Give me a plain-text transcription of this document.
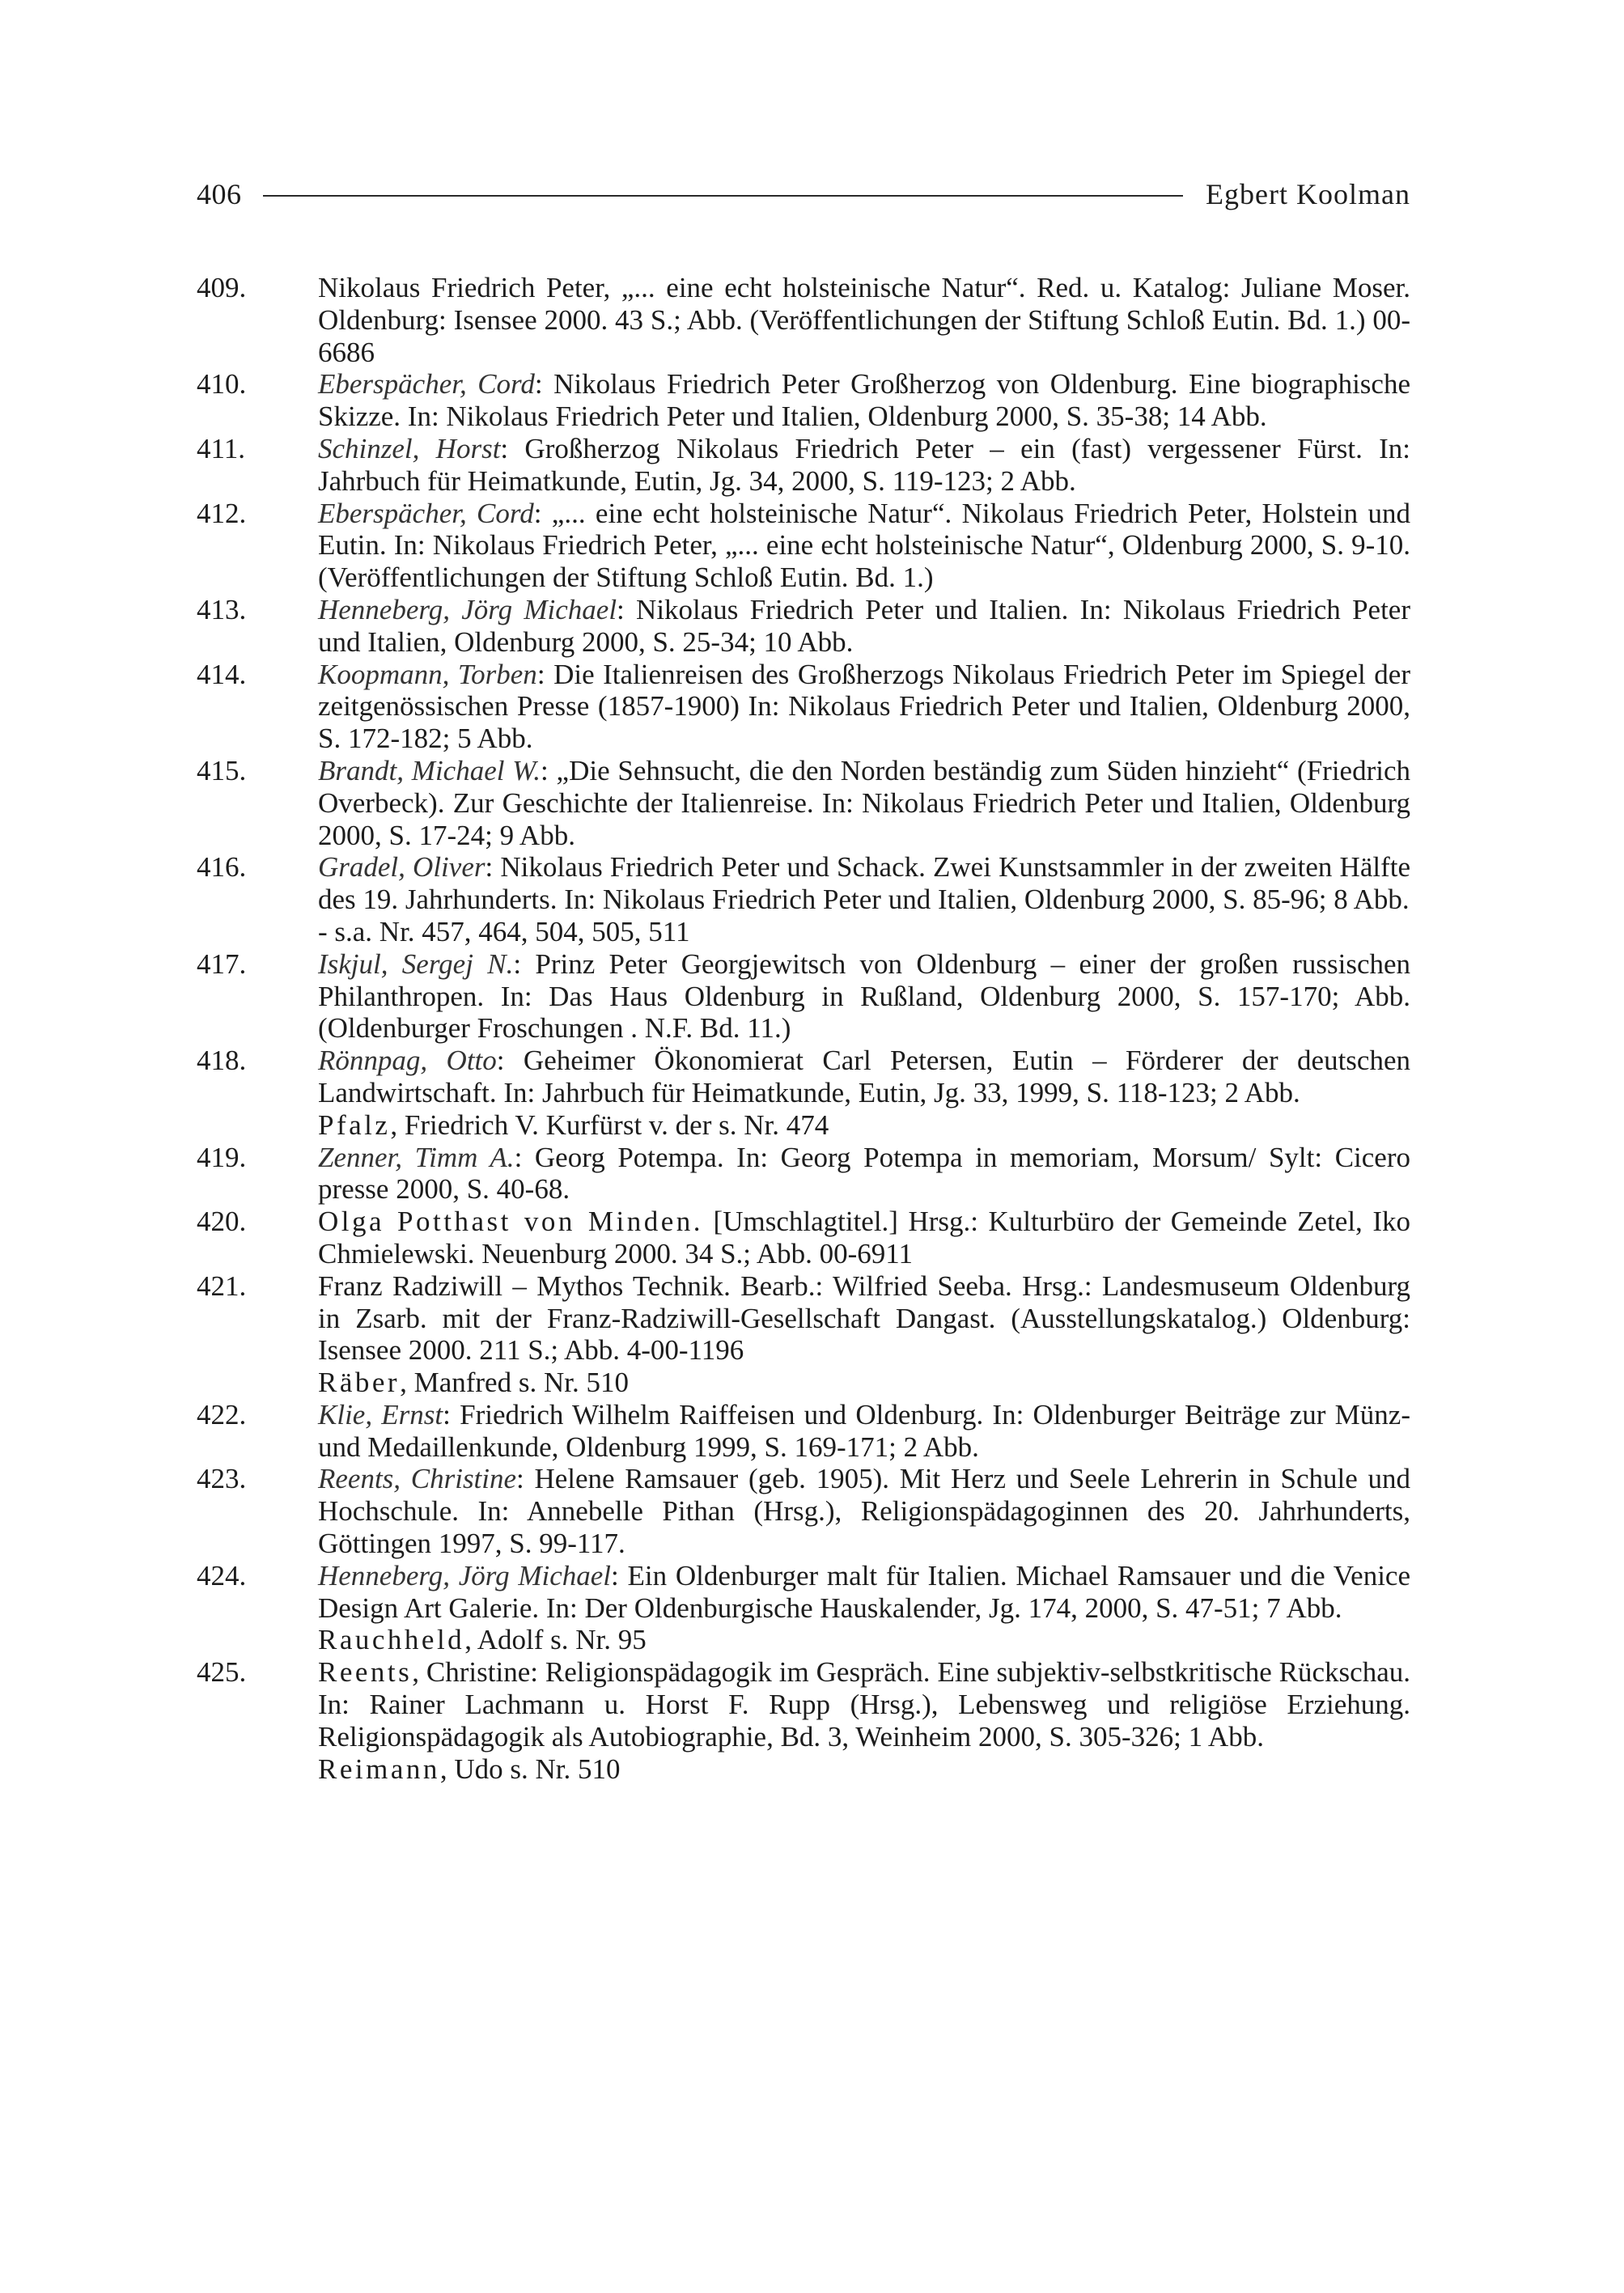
406	Egbert Koolman
409.	Nikolaus Friedrich Peter, „... eine echt holsteinische Natur“. Red. u. Katalog: Juliane Moser. Oldenburg: Isensee 2000. 43 S.; Abb. (Veröffentlichungen der Stiftung Schloß Eutin. Bd. 1.) 00-6686
410.	Eberspächer, Cord: Nikolaus Friedrich Peter Großherzog von Oldenburg. Eine biographische Skizze. In: Nikolaus Friedrich Peter und Italien, Oldenburg 2000, S. 35-38; 14 Abb.
411.	Schinzel, Horst: Großherzog Nikolaus Friedrich Peter – ein (fast) vergessener Fürst. In: Jahrbuch für Heimatkunde, Eutin, Jg. 34, 2000, S. 119-123; 2 Abb.
412.	Eberspächer, Cord: „... eine echt holsteinische Natur“. Nikolaus Friedrich Peter, Holstein und Eutin. In: Nikolaus Friedrich Peter, „... eine echt holsteinische Natur“, Oldenburg 2000, S. 9-10. (Veröffentlichungen der Stiftung Schloß Eutin. Bd. 1.)
413.	Henneberg, Jörg Michael: Nikolaus Friedrich Peter und Italien. In: Nikolaus Friedrich Peter und Italien, Oldenburg 2000, S. 25-34; 10 Abb.
414.	Koopmann, Torben: Die Italienreisen des Großherzogs Nikolaus Friedrich Peter im Spiegel der zeitgenössischen Presse (1857-1900) In: Nikolaus Friedrich Peter und Italien, Oldenburg 2000, S. 172-182; 5 Abb.
415.	Brandt, Michael W.: „Die Sehnsucht, die den Norden beständig zum Süden hinzieht“ (Friedrich Overbeck). Zur Geschichte der Italienreise. In: Nikolaus Friedrich Peter und Italien, Oldenburg 2000, S. 17-24; 9 Abb.
416.	Gradel, Oliver: Nikolaus Friedrich Peter und Schack. Zwei Kunstsammler in der zweiten Hälfte des 19. Jahrhunderts. In: Nikolaus Friedrich Peter und Italien, Oldenburg 2000, S. 85-96; 8 Abb.
- s.a. Nr. 457, 464, 504, 505, 511
417.	Iskjul, Sergej N.: Prinz Peter Georgjewitsch von Oldenburg – einer der großen russischen Philanthropen. In: Das Haus Oldenburg in Rußland, Oldenburg 2000, S. 157-170; Abb. (Oldenburger Froschungen . N.F. Bd. 11.)
418.	Rönnpag, Otto: Geheimer Ökonomierat Carl Petersen, Eutin – Förderer der deutschen Landwirtschaft. In: Jahrbuch für Heimatkunde, Eutin, Jg. 33, 1999, S. 118-123; 2 Abb.
Pfalz, Friedrich V. Kurfürst v. der s. Nr. 474
419.	Zenner, Timm A.: Georg Potempa. In: Georg Potempa in memoriam, Morsum/ Sylt: Cicero presse 2000, S. 40-68.
420.	Olga Potthast von Minden. [Umschlagtitel.] Hrsg.: Kulturbüro der Gemeinde Zetel, Iko Chmielewski. Neuenburg 2000. 34 S.; Abb. 00-6911
421.	Franz Radziwill – Mythos Technik. Bearb.: Wilfried Seeba. Hrsg.: Landesmuseum Oldenburg in Zsarb. mit der Franz-Radziwill-Gesellschaft Dangast. (Ausstellungskatalog.) Oldenburg: Isensee 2000. 211 S.; Abb. 4-00-1196
Räber, Manfred s. Nr. 510
422.	Klie, Ernst: Friedrich Wilhelm Raiffeisen und Oldenburg. In: Oldenburger Beiträge zur Münz- und Medaillenkunde, Oldenburg 1999, S. 169-171; 2 Abb.
423.	Reents, Christine: Helene Ramsauer (geb. 1905). Mit Herz und Seele Lehrerin in Schule und Hochschule. In: Annebelle Pithan (Hrsg.), Religionspädagoginnen des 20. Jahrhunderts, Göttingen 1997, S. 99-117.
424.	Henneberg, Jörg Michael: Ein Oldenburger malt für Italien. Michael Ramsauer und die Venice Design Art Galerie. In: Der Oldenburgische Hauskalender, Jg. 174, 2000, S. 47-51; 7 Abb.
Rauchheld, Adolf s. Nr. 95
425.	Reents, Christine: Religionspädagogik im Gespräch. Eine subjektiv-selbstkritische Rückschau. In: Rainer Lachmann u. Horst F. Rupp (Hrsg.), Lebensweg und religiöse Erziehung. Religionspädagogik als Autobiographie, Bd. 3, Weinheim 2000, S. 305-326; 1 Abb.
Reimann, Udo s. Nr. 510
